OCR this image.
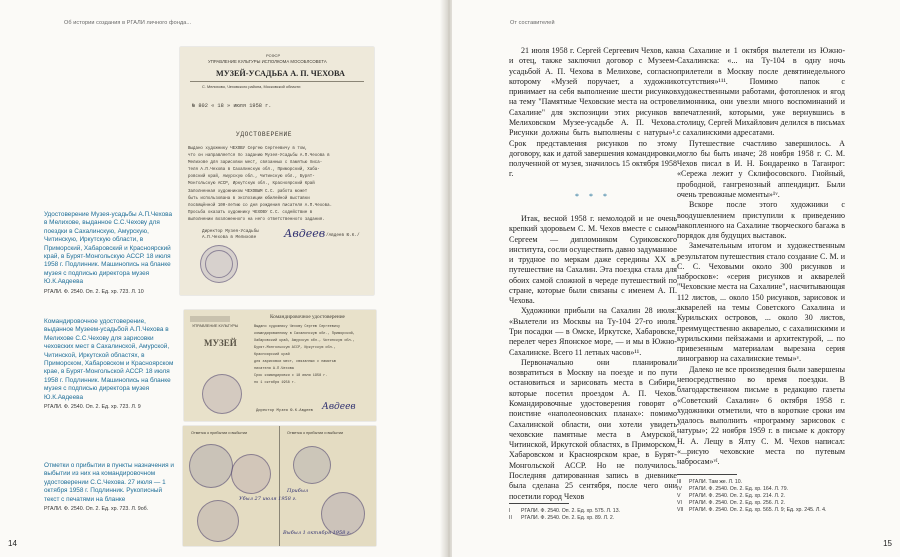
Об истории создания в РГАЛИ личного фонда...
Удостоверение Музея-усадьбы А.П.Чехова в Мелихове, выданное С.С.Чехову для поездки в Сахалинскую, Амурскую, Читинскую, Иркутскую области, в Приморский, Хабаровский и Красноярский край, в Бурят-Монгольскую АССР. 18 июля 1958 г. Подлинник. Машинопись на бланке музея с подписью директора музея Ю.К.Авдеева
РГАЛИ. Ф. 2540. Оп. 2. Ед. хр. 723. Л. 10
Командировочное удостоверение, выданное Музеем-усадьбой А.П.Чехова в Мелихове С.С.Чехову для зарисовки чеховских мест в Сахалинской, Амурской, Читинской, Иркутской областях, в Приморском, Хабаровском и Красноярском крае, в Бурят-Монгольской АССР. 18 июля 1958 г. Подлинник. Машинопись на бланке музея с подписью директора музея Ю.К.Авдеева
РГАЛИ. Ф. 2540. Оп. 2. Ед. хр. 723. Л. 9
Отметки о прибытии в пункты назначения и выбытии из них на командировочном удостоверении С.С.Чехова. 27 июля — 1 октября 1958 г. Подлинник. Рукописный текст с печатями на бланке
РГАЛИ. Ф. 2540. Оп. 2. Ед. хр. 723. Л. 9об.
РСФСР
УПРАВЛЕНИЕ КУЛЬТУРЫ ИСПОЛКОМА МОСОБЛСОВЕТА
МУЗЕЙ-УСАДЬБА А. П. ЧЕХОВА
С. Мелихово, Чеховского района, Московской области
№ 802 « 18 » июля 1958 г.
УДОСТОВЕРЕНИЕ
Выдано художнику ЧЕХОВУ Сергею Сергеевичу в том,
что он направляется по заданию Музея-Усадьбы А.П.Чехова в
Мелихове для зарисовки мест, связанных с памятью писа-
теля А.П.Чехова в Сахалинскую обл., Приморский, Хаба-
ровский край, Амурскую обл., Читинскую обл., Бурят-
Монгольскую АССР, Иркутскую обл., Красноярский Край
Заполненная художником ЧЕХОВЫМ С.С. работа может
быть использована в экспозиции юбилейной выставки
посвящённой 100-летию со дня рождения писателя А.П.Чехова.
Просьба оказать художнику ЧЕХОВУ С.С. содействие в
выполнении возложенного на него ответственного задания.
Директор Музея-Усадьбы
А.П.Чехова в Мелихове	Авдеев /Авдеев Ю.К./
Командировочное удостоверение
УПРАВЛЕНИЕ КУЛЬТУРЫ
МУЗЕЙ
Выдано художнику Чехову Сергею Сергеевичу
командированному в Сахалинскую обл., Приморский,
Хабаровский край, Амурскую обл., Читинскую обл.,
Бурят-Монгольскую АССР, Иркутскую обл.,
Красноярский край
для зарисовки мест, связанных с памятью
писателя А.П.Чехова
Срок командировки с 18 июля 1958 г.
по 1 октября 1958 г.
Директор Музея Ю.К.Авдеев Авдеев
Отметка о прибытии и выбытии	Отметка о прибытии и выбытии
Убыл 27 июля 1958 г.
Прибыл
Выбыл 1 октября 1958 г.
14
От составителей

21 июля 1958 г. Сергей Сергеевич Чехов, как и отец, также заключил договор с Музеем-усадьбой А. П. Чехова в Мелихове, согласно которому «Музей поручает, а художник принимает на себя выполнение шести рисунков на тему "Памятные Чеховские места на острове Сахалине" для экспозиции этих рисунков в Мелиховском Музее-усадьбе А. П. Чехова. Рисунки должны быть выполнены с натуры»¹. Срок представления рисунков по этому договору, как и датой завершения командировки, полученной от музея, значилось 15 октября 1958 г.

* * *

Итак, весной 1958 г. немолодой и не очень крепкий здоровьем С. М. Чехов вместе с сыном Сергеем — дипломником Суриковского института, сосли осуществить давно задуманное и трудное по меркам даже середины XX в. путешествие на Сахалин. Эта поездка стала для обоих самой сложной в череде путешествий по стране, которые были связаны с именем А. П. Чехова.

Художники прибыли на Сахалин 28 июля: «Вылетели из Москвы на Ту-104 27-го июля. Три посадки — в Омске, Иркутске, Хабаровске, перелет через Японское море, — и мы в Южно-Сахалинске. Всего 11 летных часов»¹¹.

Первоначально они планировали возвратиться в Москву на поезде и по пути остановиться и зарисовать места в Сибири, которые посетил проездом А. П. Чехов. Командировочные удостоверения говорят о поистине «наполеоновских планах»: помимо Сахалинской области, они хотели увидеть чеховские памятные места в Амурской, Читинской, Иркутской областях, в Приморском, Хабаровском и Красноярском крае, в Бурят-Монгольской АССР. Но не получилось. Последняя датированная запись в дневнике была сделана 25 сентября, после чего они посетили город Чехов

на Сахалине и 1 октября вылетели из Южно-Сахалинска: «... на Ту-104 в одну ночь прилетели в Москву после девятинедельного отсутствия»¹¹¹. Помимо папок с художественными работами, фотопленок и ягод лимонника, они увезли много воспоминаний и впечатлений, которыми, уже вернувшись в столицу, Сергей Михайлович делился в письмах с сахалинскими адресатами.

Путешествие счастливо завершилось. А могло бы быть иначе; 28 ноября 1958 г. С. М. Чехов писал в И. Н. Бондаренко в Таганрог: «Сережа лежит у Склифосовского. Гнойный, прободной, гангренозный аппендицит. Были очень тревожные моменты»¹ᵛ.

Вскоре после этого художники с воодушевлением приступили к приведению накопленного на Сахалине творческого багажа в порядок для будущих выставок.

Замечательным итогом и художественным результатом путешествия стало создание С. М. и С. С. Чеховыми около 300 рисунков и набросков»: «серия рисунков и акварелей "Чеховские места на Сахалине", насчитывающая 112 листов, ... около 150 рисунков, зарисовок и акварелей на темы Советского Сахалина и Курильских островов, ... около 30 листов, преимущественно акварелью, с сахалинскими и курильскими пейзажами и архитектурой, ... по привезенным материалам вырезана серия линогравюр на сахалинские темы»ᵛ.

Далеко не все произведения были завершены непосредственно во время поездки. В благодарственном письме в редакцию газеты «Советский Сахалин» 6 октября 1958 г. художники отметили, что в короткие сроки им удалось выполнить «программу зарисовок с натуры»; 22 ноября 1959 г. в письме к доктору Н. А. Лещу в Ялту С. М. Чехов написал: «...рисую чеховские места по путевым набросам»ᵛᴵ.

I РГАЛИ. Ф. 2540. Оп. 2. Ед. хр. 575. Л. 13.
II РГАЛИ. Ф. 2540. Оп. 2. Ед. хр. 89. Л. 2.
III РГАЛИ. Там же. Л. 10.
IV РГАЛИ. Ф. 2540. Оп. 2. Ед. хр. 164. Л. 79.
V РГАЛИ. Ф. 2540. Оп. 2. Ед. хр. 214. Л. 2.
VI РГАЛИ. Ф. 2540. Оп. 2. Ед. хр. 256. Л. 2.
VII РГАЛИ. Ф. 2540. Оп. 2. Ед. хр. 565. Л. 9; Ед. хр. 245. Л. 4.
15
